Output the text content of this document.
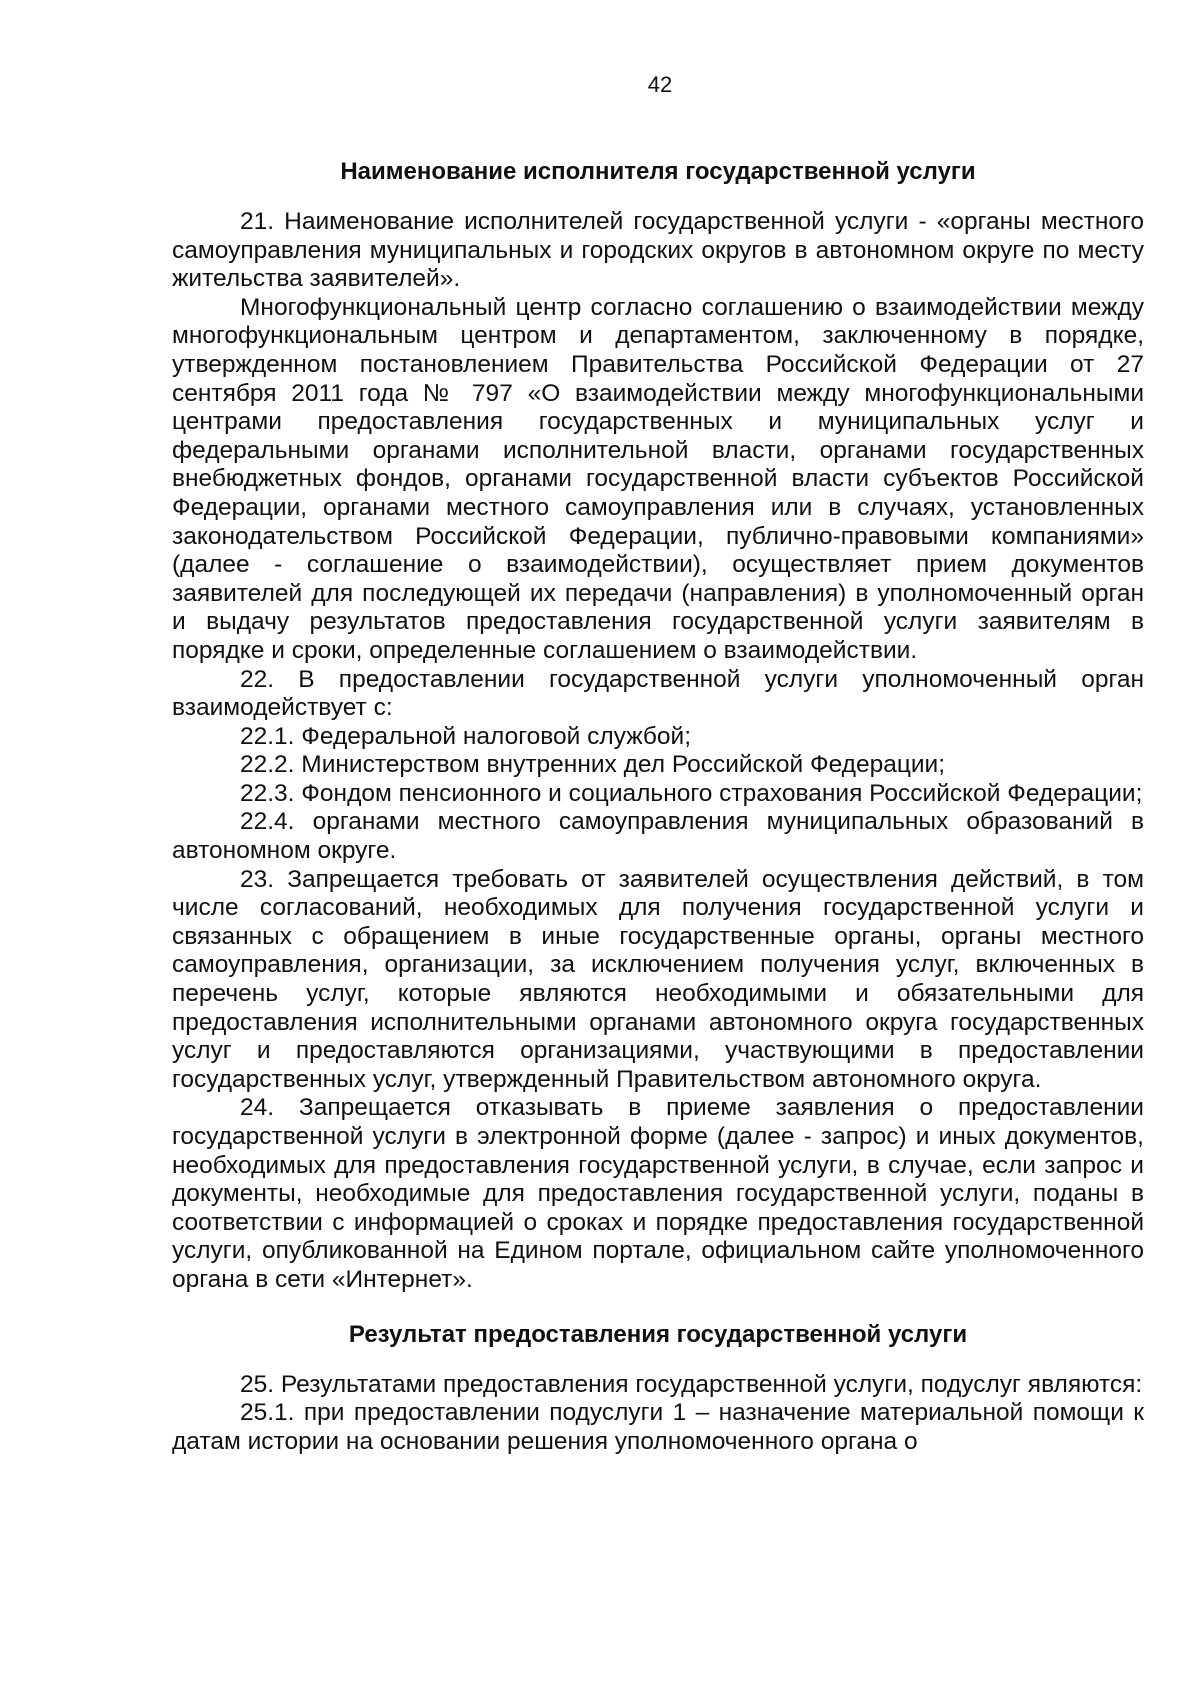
42
Наименование исполнителя государственной услуги

21. Наименование исполнителей государственной услуги - «органы местного самоуправления муниципальных и городских округов в автономном округе по месту жительства заявителей».

Многофункциональный центр согласно соглашению о взаимодействии между многофункциональным центром и департаментом, заключенному в порядке, утвержденном постановлением Правительства Российской Федерации от 27 сентября 2011 года № 797 «О взаимодействии между многофункциональными центрами предоставления государственных и муниципальных услуг и федеральными органами исполнительной власти, органами государственных внебюджетных фондов, органами государственной власти субъектов Российской Федерации, органами местного самоуправления или в случаях, установленных законодательством Российской Федерации, публично-правовыми компаниями» (далее - соглашение о взаимодействии), осуществляет прием документов заявителей для последующей их передачи (направления) в уполномоченный орган и выдачу результатов предоставления государственной услуги заявителям в порядке и сроки, определенные соглашением о взаимодействии.

22. В предоставлении государственной услуги уполномоченный орган взаимодействует с:

22.1. Федеральной налоговой службой;

22.2. Министерством внутренних дел Российской Федерации;

22.3. Фондом пенсионного и социального страхования Российской Федерации;

22.4. органами местного самоуправления муниципальных образований в автономном округе.

23. Запрещается требовать от заявителей осуществления действий, в том числе согласований, необходимых для получения государственной услуги и связанных с обращением в иные государственные органы, органы местного самоуправления, организации, за исключением получения услуг, включенных в перечень услуг, которые являются необходимыми и обязательными для предоставления исполнительными органами автономного округа государственных услуг и предоставляются организациями, участвующими в предоставлении государственных услуг, утвержденный Правительством автономного округа.

24. Запрещается отказывать в приеме заявления о предоставлении государственной услуги в электронной форме (далее - запрос) и иных документов, необходимых для предоставления государственной услуги, в случае, если запрос и документы, необходимые для предоставления государственной услуги, поданы в соответствии с информацией о сроках и порядке предоставления государственной услуги, опубликованной на Едином портале, официальном сайте уполномоченного органа в сети «Интернет».

Результат предоставления государственной услуги

25. Результатами предоставления государственной услуги, подуслуг являются:

25.1. при предоставлении подуслуги 1 – назначение материальной помощи к датам истории на основании решения уполномоченного органа о
